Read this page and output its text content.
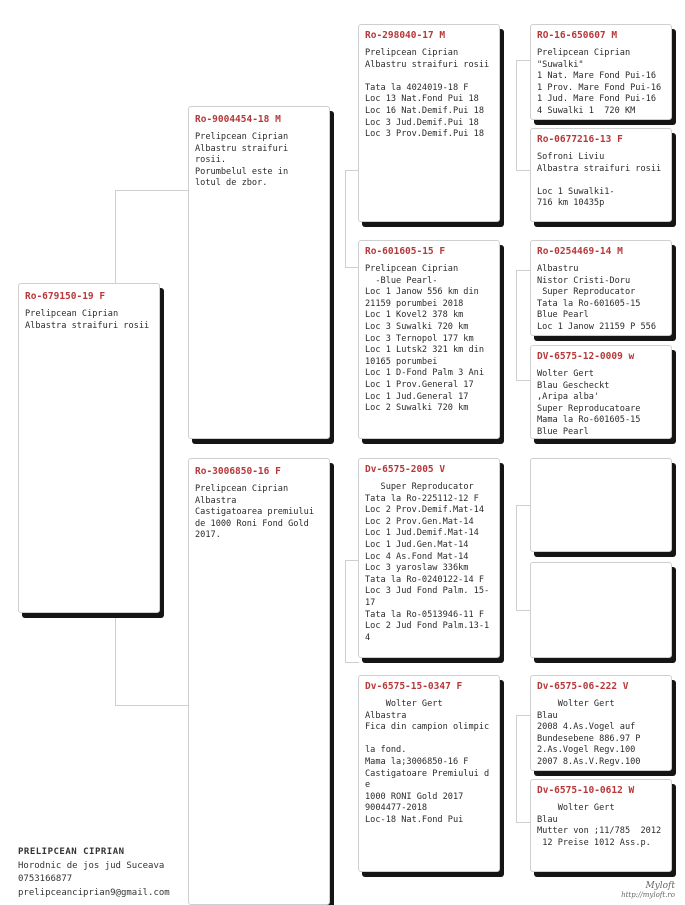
Ro-679150-19 F
Prelipcean Ciprian
Albastra straifuri rosii
Ro-9004454-18 M
Prelipcean Ciprian
Albastru straifuri
rosii.
Porumbelul este in
lotul de zbor.
Ro-3006850-16 F
Prelipcean Ciprian
Albastra
Castigatoarea premiului
de 1000 Roni Fond Gold
2017.
Ro-298040-17 M
Prelipcean Ciprian
Albastru straifuri rosii

Tata la 4024019-18 F
Loc 13 Nat.Fond Pui 18
Loc 16 Nat.Demif.Pui 18
Loc 3 Jud.Demif.Pui 18
Loc 3 Prov.Demif.Pui 18
Ro-601605-15 F
Prelipcean Ciprian
-Blue Pearl-
Loc 1 Janow 556 km din
21159 porumbei 2018
Loc 1 Kovel2 378 km
Loc 3 Suwalki 720 km
Loc 3 Ternopol 177 km
Loc 1 Lutsk2 321 km din
10165 porumbei
Loc 1 D-Fond Palm 3 Ani
Loc 1 Prov.General 17
Loc 1 Jud.General 17
Loc 2 Suwalki 720 km
Dv-6575-2005 V
Super Reproducator
Tata la Ro-225112-12 F
Loc 2 Prov.Demif.Mat-14
Loc 2 Prov.Gen.Mat-14
Loc 1 Jud.Demif.Mat-14
Loc 1 Jud.Gen.Mat-14
Loc 4 As.Fond Mat-14
Loc 3 yaroslaw 336km
Tata la Ro-0240122-14 F
Loc 3 Jud Fond Palm. 15-
17
Tata la Ro-0513946-11 F
Loc 2 Jud Fond Palm.13-1
4
Dv-6575-15-0347 F
Wolter Gert
Albastra
Fica din campion olimpic

la fond.
Mama la;3006850-16 F
Castigatoare Premiului d
e
1000 RONI Gold 2017
9004477-2018
Loc-18 Nat.Fond Pui
RO-16-650607 M
Prelipcean Ciprian
"Suwalki"
1 Nat. Mare Fond Pui-16
1 Prov. Mare Fond Pui-16
1 Jud. Mare Fond Pui-16
4 Suwalki 1  720 KM
Ro-0677216-13 F
Sofroni Liviu
Albastra straifuri rosii

Loc 1 Suwalki1-
716 km 10435p
Ro-0254469-14 M
Albastru
Nistor Cristi-Doru
Super Reproducator
Tata la Ro-601605-15
Blue Pearl
Loc 1 Janow 21159 P 556
DV-6575-12-0009 w
Wolter Gert
Blau Gescheckt
,Aripa alba'
Super Reproducatoare
Mama la Ro-601605-15
Blue Pearl
Dv-6575-06-222 V
Wolter Gert
Blau
2008 4.As.Vogel auf
Bundesebene 886.97 P
2.As.Vogel Regv.100
2007 8.As.V.Regv.100
Dv-6575-10-0612 W
Wolter Gert
Blau
Mutter von ;11/785  2012
12 Preise 1012 Ass.p.
PRELIPCEAN CIPRIAN
Horodnic de jos jud Suceava
0753166877
prelipceanciprian9@gmail.com
Myloft
http://myloft.ro
